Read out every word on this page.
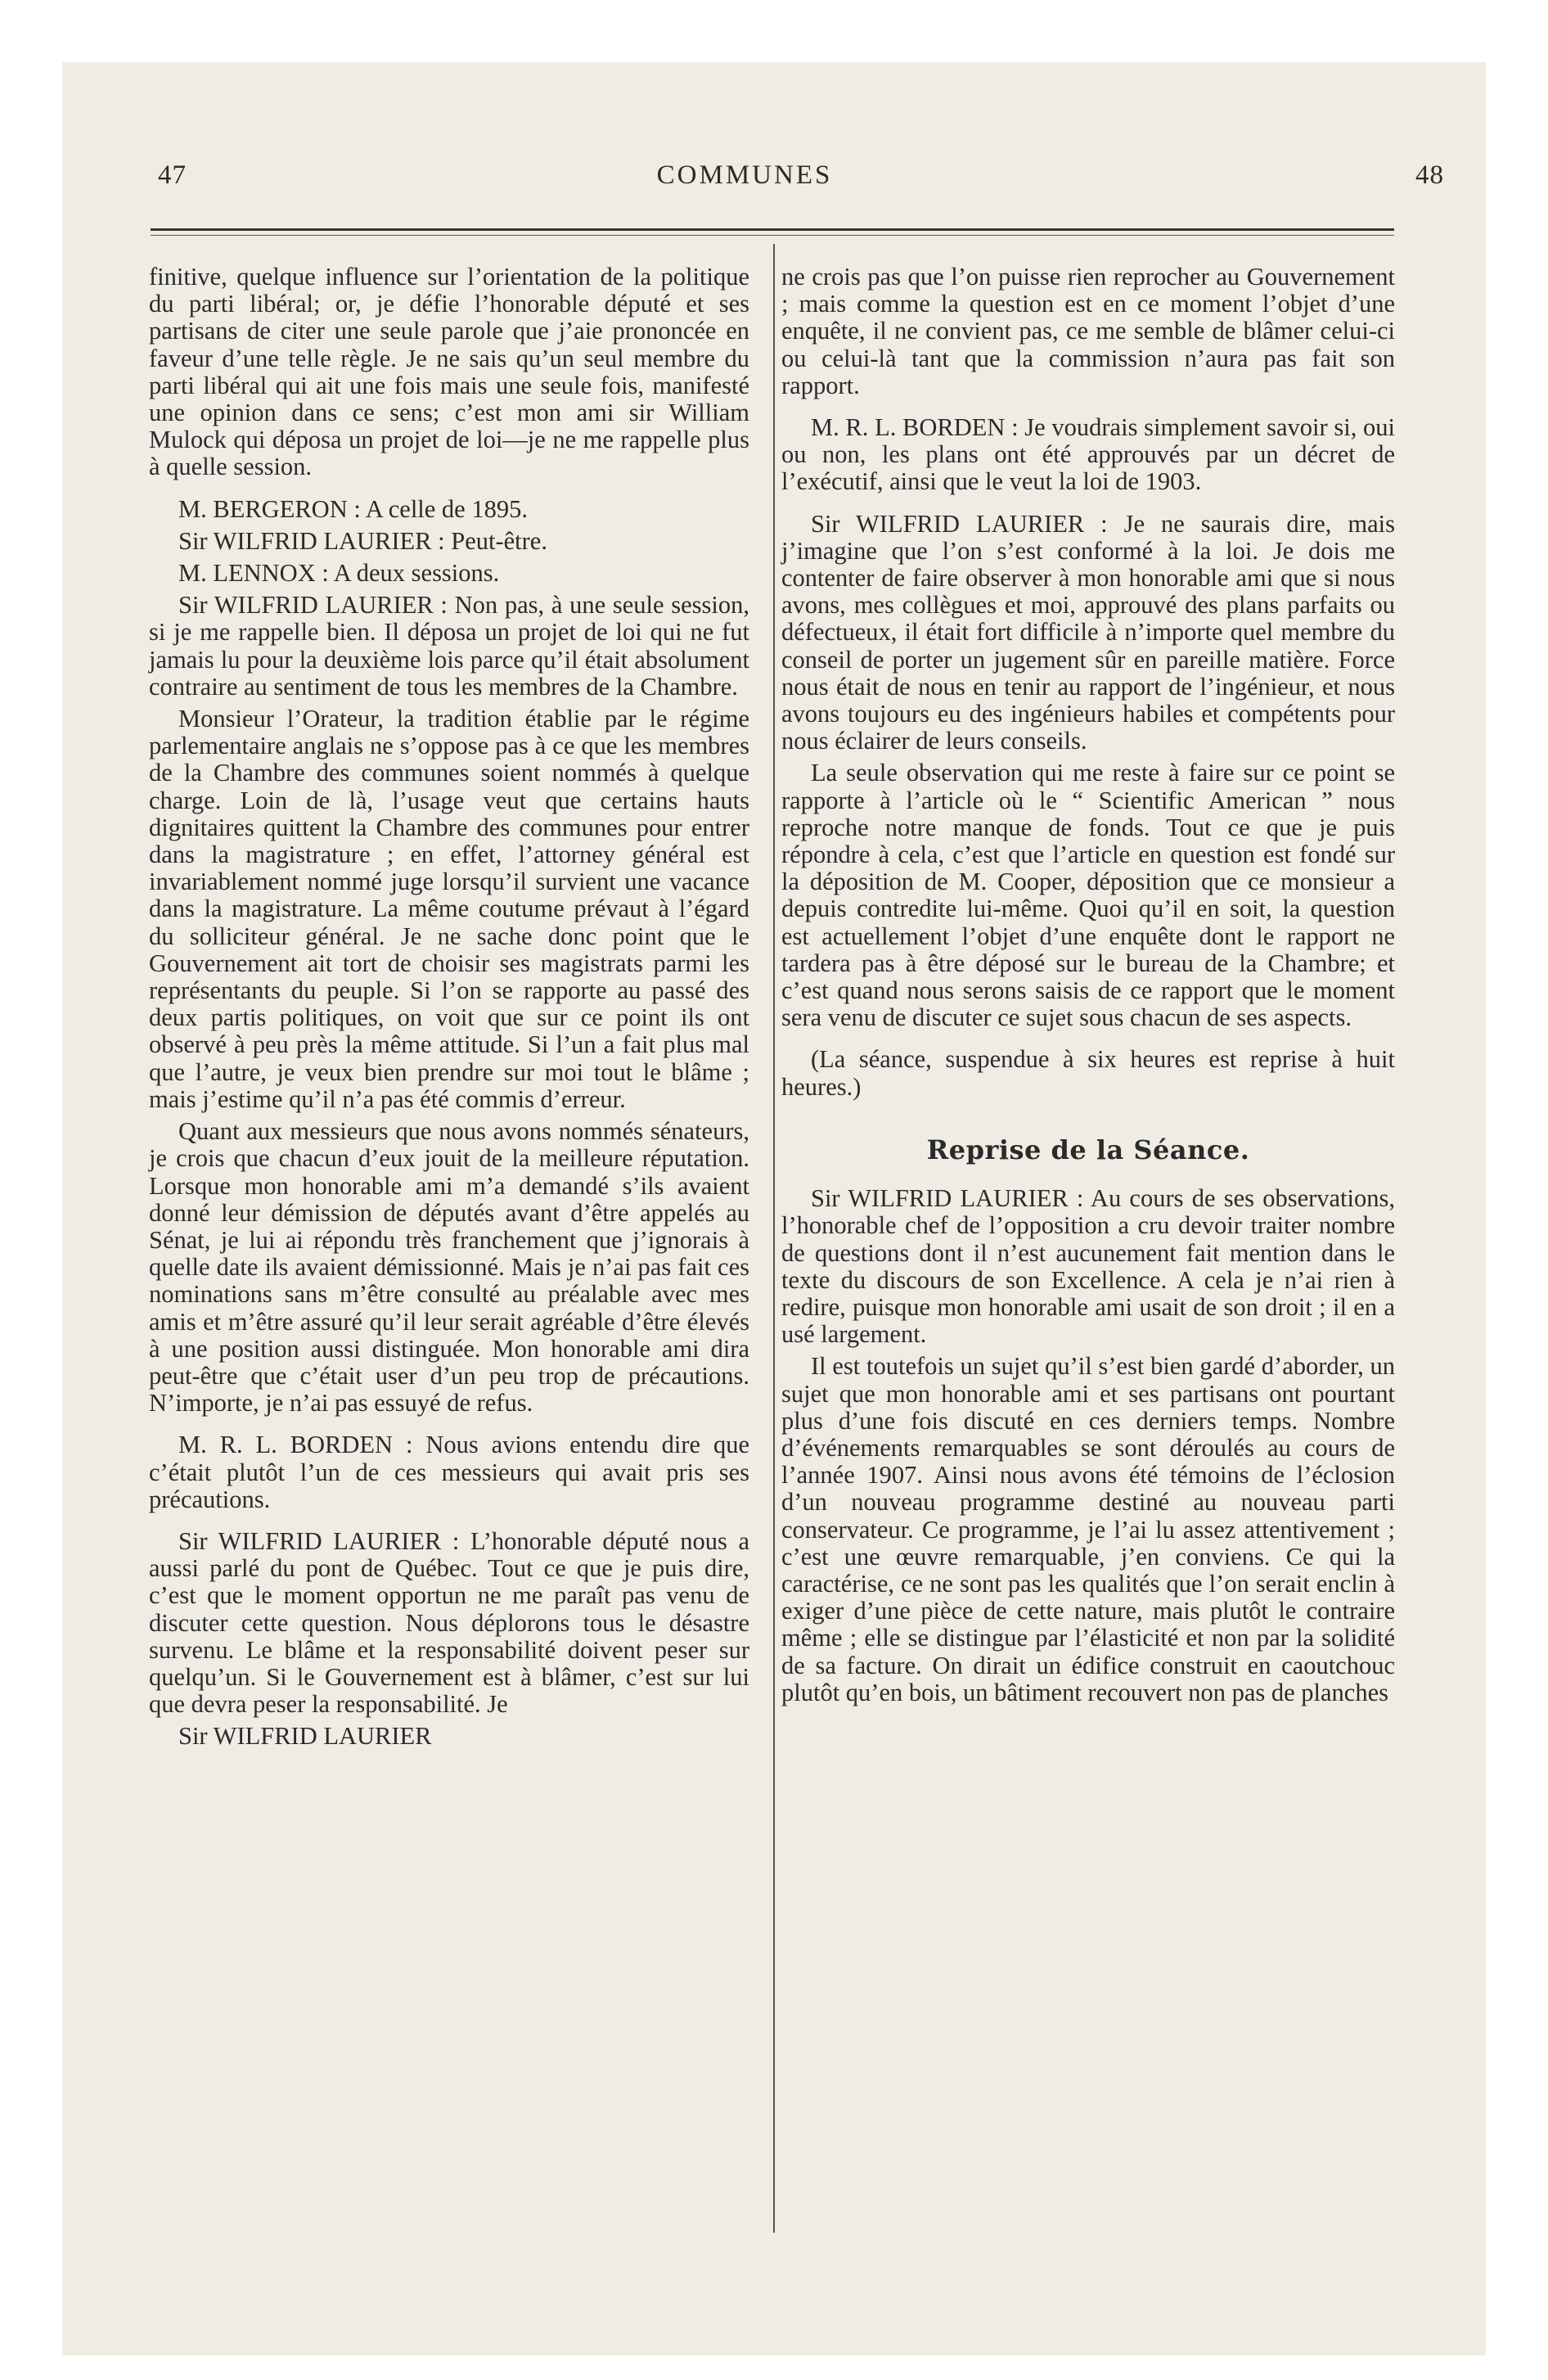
47	COMMUNES	48

finitive, quelque influence sur l’orientation de la politique du parti libéral; or, je défie l’honorable député et ses partisans de citer une seule parole que j’aie prononcée en faveur d’une telle règle. Je ne sais qu’un seul membre du parti libéral qui ait une fois mais une seule fois, manifesté une opinion dans ce sens; c’est mon ami sir William Mulock qui déposa un projet de loi—je ne me rappelle plus à quelle session.

M. BERGERON : A celle de 1895.

Sir WILFRID LAURIER : Peut-être.

M. LENNOX : A deux sessions.

Sir WILFRID LAURIER : Non pas, à une seule session, si je me rappelle bien. Il déposa un projet de loi qui ne fut jamais lu pour la deuxième lois parce qu’il était absolument contraire au sentiment de tous les membres de la Chambre.

Monsieur l’Orateur, la tradition établie par le régime parlementaire anglais ne s’oppose pas à ce que les membres de la Chambre des communes soient nommés à quelque charge. Loin de là, l’usage veut que certains hauts dignitaires quittent la Chambre des communes pour entrer dans la magistrature ; en effet, l’attorney général est invariablement nommé juge lorsqu’il survient une vacance dans la magistrature. La même coutume prévaut à l’égard du solliciteur général. Je ne sache donc point que le Gouvernement ait tort de choisir ses magistrats parmi les représentants du peuple. Si l’on se rapporte au passé des deux partis politiques, on voit que sur ce point ils ont observé à peu près la même attitude. Si l’un a fait plus mal que l’autre, je veux bien prendre sur moi tout le blâme ; mais j’estime qu’il n’a pas été commis d’erreur.

Quant aux messieurs que nous avons nommés sénateurs, je crois que chacun d’eux jouit de la meilleure réputation. Lorsque mon honorable ami m’a demandé s’ils avaient donné leur démission de députés avant d’être appelés au Sénat, je lui ai répondu très franchement que j’ignorais à quelle date ils avaient démissionné. Mais je n’ai pas fait ces nominations sans m’être consulté au préalable avec mes amis et m’être assuré qu’il leur serait agréable d’être élevés à une position aussi distinguée. Mon honorable ami dira peut-être que c’était user d’un peu trop de précautions. N’importe, je n’ai pas essuyé de refus.

M. R. L. BORDEN : Nous avions entendu dire que c’était plutôt l’un de ces messieurs qui avait pris ses précautions.

Sir WILFRID LAURIER : L’honorable député nous a aussi parlé du pont de Québec. Tout ce que je puis dire, c’est que le moment opportun ne me paraît pas venu de discuter cette question. Nous déplorons tous le désastre survenu. Le blâme et la responsabilité doivent peser sur quelqu’un. Si le Gouvernement est à blâmer, c’est sur lui que devra peser la responsabilité. Je

Sir WILFRID LAURIER

ne crois pas que l’on puisse rien reprocher au Gouvernement ; mais comme la question est en ce moment l’objet d’une enquête, il ne convient pas, ce me semble de blâmer celui-ci ou celui-là tant que la commission n’aura pas fait son rapport.

M. R. L. BORDEN : Je voudrais simplement savoir si, oui ou non, les plans ont été approuvés par un décret de l’exécutif, ainsi que le veut la loi de 1903.

Sir WILFRID LAURIER : Je ne saurais dire, mais j’imagine que l’on s’est conformé à la loi. Je dois me contenter de faire observer à mon honorable ami que si nous avons, mes collègues et moi, approuvé des plans parfaits ou défectueux, il était fort difficile à n’importe quel membre du conseil de porter un jugement sûr en pareille matière. Force nous était de nous en tenir au rapport de l’ingénieur, et nous avons toujours eu des ingénieurs habiles et compétents pour nous éclairer de leurs conseils.

La seule observation qui me reste à faire sur ce point se rapporte à l’article où le “ Scientific American ” nous reproche notre manque de fonds. Tout ce que je puis répondre à cela, c’est que l’article en question est fondé sur la déposition de M. Cooper, déposition que ce monsieur a depuis contredite lui-même. Quoi qu’il en soit, la question est actuellement l’objet d’une enquête dont le rapport ne tardera pas à être déposé sur le bureau de la Chambre; et c’est quand nous serons saisis de ce rapport que le moment sera venu de discuter ce sujet sous chacun de ses aspects.

(La séance, suspendue à six heures est reprise à huit heures.)

Reprise de la Séance.

Sir WILFRID LAURIER : Au cours de ses observations, l’honorable chef de l’opposition a cru devoir traiter nombre de questions dont il n’est aucunement fait mention dans le texte du discours de son Excellence. A cela je n’ai rien à redire, puisque mon honorable ami usait de son droit ; il en a usé largement.

Il est toutefois un sujet qu’il s’est bien gardé d’aborder, un sujet que mon honorable ami et ses partisans ont pourtant plus d’une fois discuté en ces derniers temps. Nombre d’événements remarquables se sont déroulés au cours de l’année 1907. Ainsi nous avons été témoins de l’éclosion d’un nouveau programme destiné au nouveau parti conservateur. Ce programme, je l’ai lu assez attentivement ; c’est une œuvre remarquable, j’en conviens. Ce qui la caractérise, ce ne sont pas les qualités que l’on serait enclin à exiger d’une pièce de cette nature, mais plutôt le contraire même ; elle se distingue par l’élasticité et non par la solidité de sa facture. On dirait un édifice construit en caoutchouc plutôt qu’en bois, un bâtiment recouvert non pas de planches
